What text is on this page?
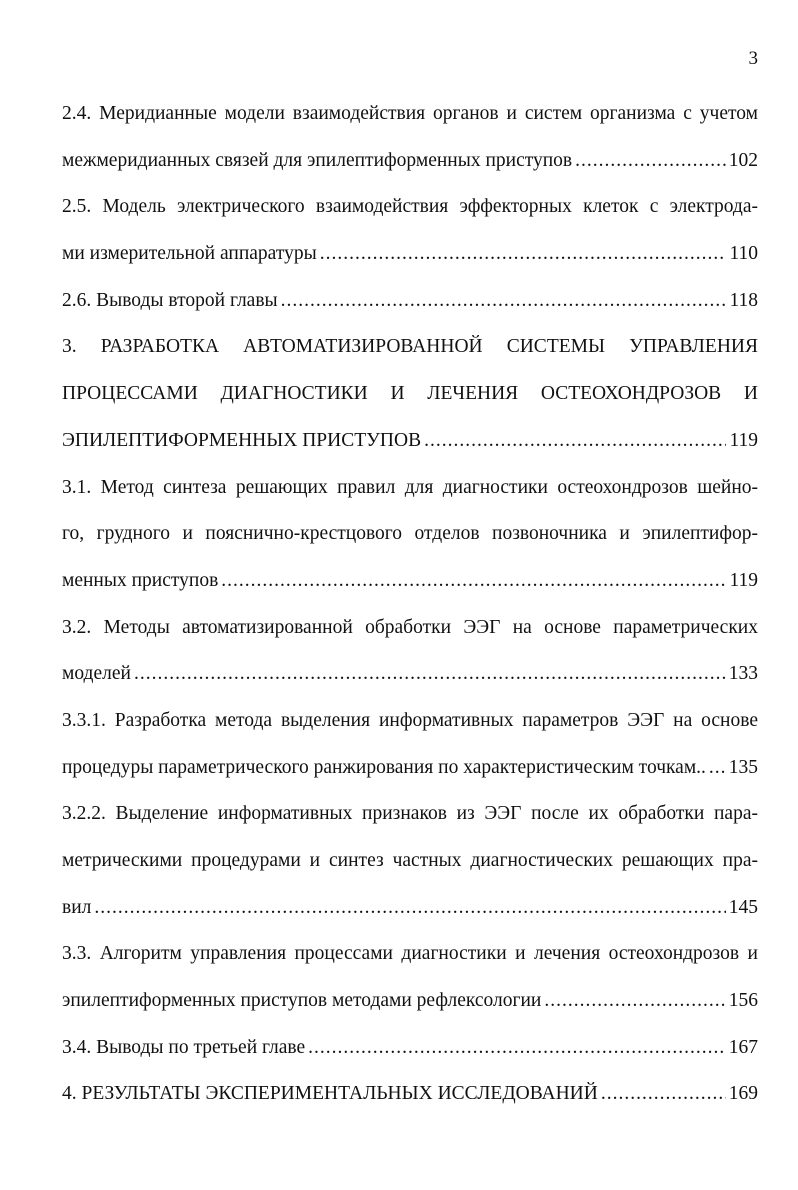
3
2.4. Меридианные модели взаимодействия органов и систем организма с учетом
межмеридианных связей для эпилептиформенных приступов .....	102
2.5. Модель электрического взаимодействия эффекторных клеток с электрода-
ми измерительной аппаратуры .....	110
2.6. Выводы второй главы .....	118
3. РАЗРАБОТКА АВТОМАТИЗИРОВАННОЙ СИСТЕМЫ УПРАВЛЕНИЯ
ПРОЦЕССАМИ ДИАГНОСТИКИ И ЛЕЧЕНИЯ ОСТЕОХОНДРОЗОВ И
ЭПИЛЕПТИФОРМЕННЫХ ПРИСТУПОВ .....	119
3.1. Метод синтеза решающих правил для диагностики остеохондрозов шейно-
го, грудного и пояснично-крестцового отделов позвоночника и эпилептифор-
менных приступов .....	119
3.2. Методы автоматизированной обработки ЭЭГ на основе параметрических
моделей .....	133
3.3.1. Разработка метода выделения информативных параметров ЭЭГ на основе
процедуры параметрического ранжирования по характеристическим точкам.. ..... 135
3.2.2. Выделение информативных признаков из ЭЭГ после их обработки пара-
метрическими процедурами и синтез частных диагностических решающих пра-
вил .....	145
3.3. Алгоритм управления процессами диагностики и лечения остеохондрозов и
эпилептиформенных приступов методами рефлексологии .....	156
3.4. Выводы по третьей главе .....	167
4. РЕЗУЛЬТАТЫ ЭКСПЕРИМЕНТАЛЬНЫХ ИССЛЕДОВАНИЙ .....	169
